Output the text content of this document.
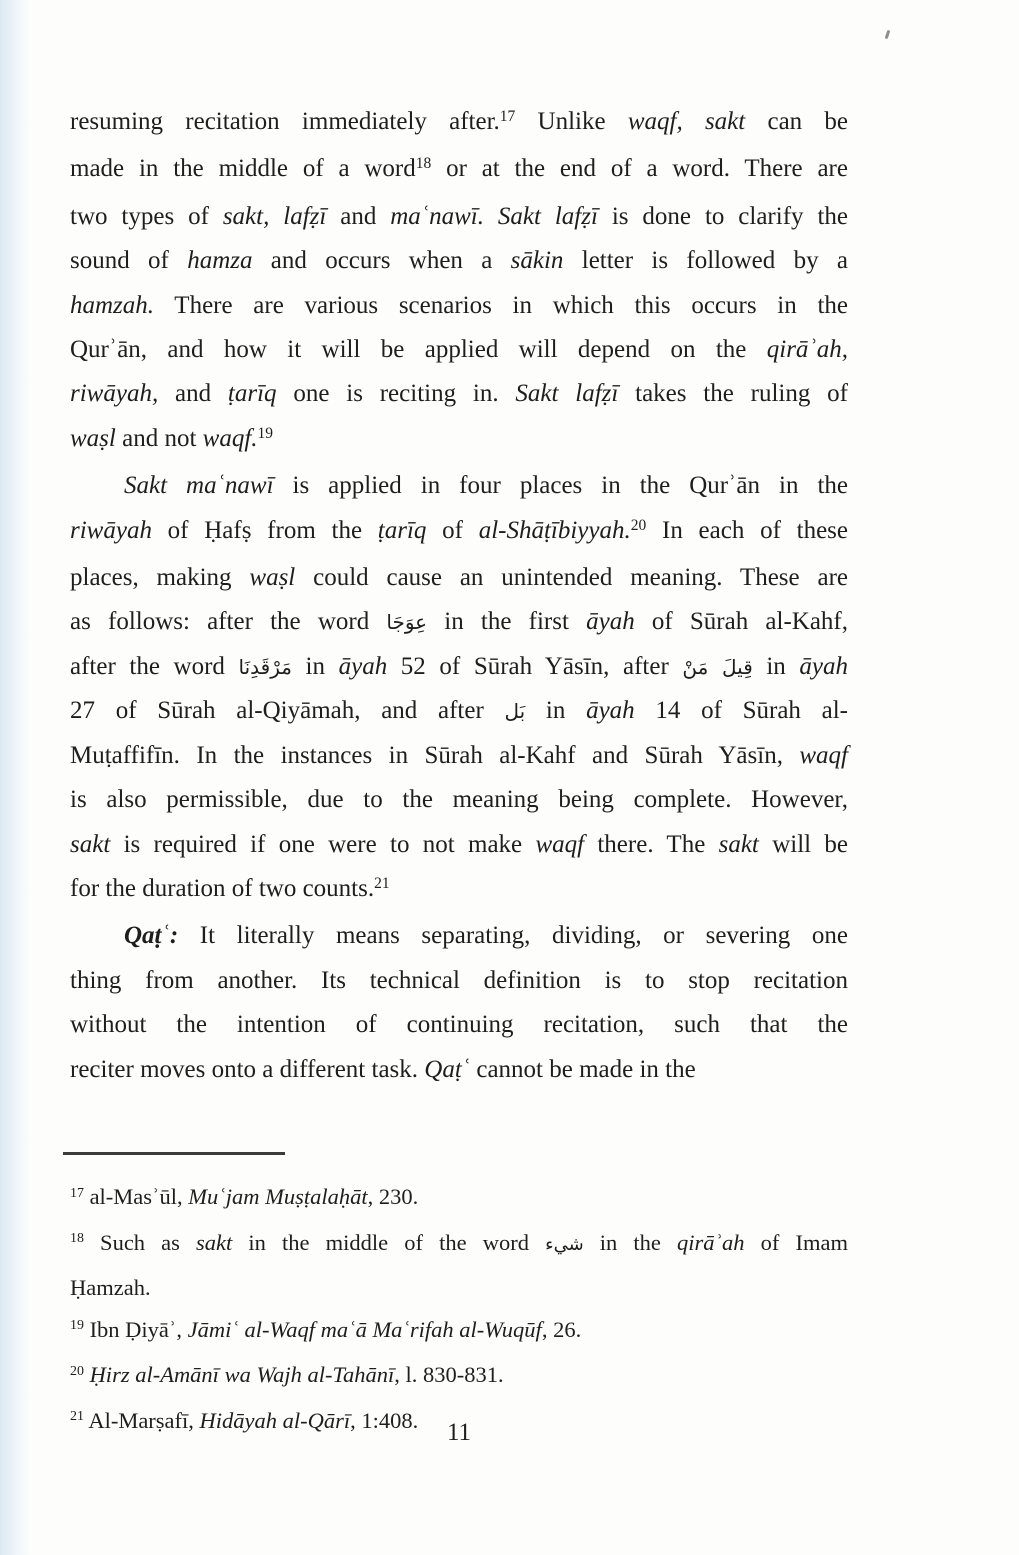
resuming recitation immediately after.$^{17}$ Unlike waqf, sakt can be
made in the middle of a word$^{18}$ or at the end of a word. There are
two types of sakt, lafẓī and maʿnawī. Sakt lafẓī is done to clarify the
sound of hamza and occurs when a sākin letter is followed by a
hamzah. There are various scenarios in which this occurs in the
Qurʾān, and how it will be applied will depend on the qirāʾah,
riwāyah, and ṭarīq one is reciting in. Sakt lafẓī takes the ruling of
waṣl and not waqf.$^{19}$
Sakt maʿnawī is applied in four places in the Qurʾān in the
riwāyah of Ḥafṣ from the ṭarīq of al-Shāṭībiyyah.$^{20}$ In each of these
places, making waṣl could cause an unintended meaning. These are
as follows: after the word عِوَجَا in the first āyah of Sūrah al-Kahf,
after the word مَرْقَدِنَا in āyah 52 of Sūrah Yāsīn, after قِيلَ مَنْ in āyah
27 of Sūrah al-Qiyāmah, and after بَل in āyah 14 of Sūrah al-
Muṭaffifīn. In the instances in Sūrah al-Kahf and Sūrah Yāsīn, waqf
is also permissible, due to the meaning being complete. However,
sakt is required if one were to not make waqf there. The sakt will be
for the duration of two counts.$^{21}$
Qaṭʿ: It literally means separating, dividing, or severing one
thing from another. Its technical definition is to stop recitation
without the intention of continuing recitation, such that the
reciter moves onto a different task. Qaṭʿ cannot be made in the
$^{17}$ al-Masʾūl, Muʿjam Muṣṭalaḥāt, 230.
$^{18}$ Such as sakt in the middle of the word شيء in the qirāʾah of Imam
Ḥamzah.
$^{19}$ Ibn Ḍiyāʾ, Jāmiʿ al-Waqf maʿā Maʿrifah al-Wuqūf, 26.
$^{20}$ Ḥirz al-Amānī wa Wajh al-Tahānī, l. 830-831.
$^{21}$ Al-Marṣafī, Hidāyah al-Qārī, 1:408.	11
